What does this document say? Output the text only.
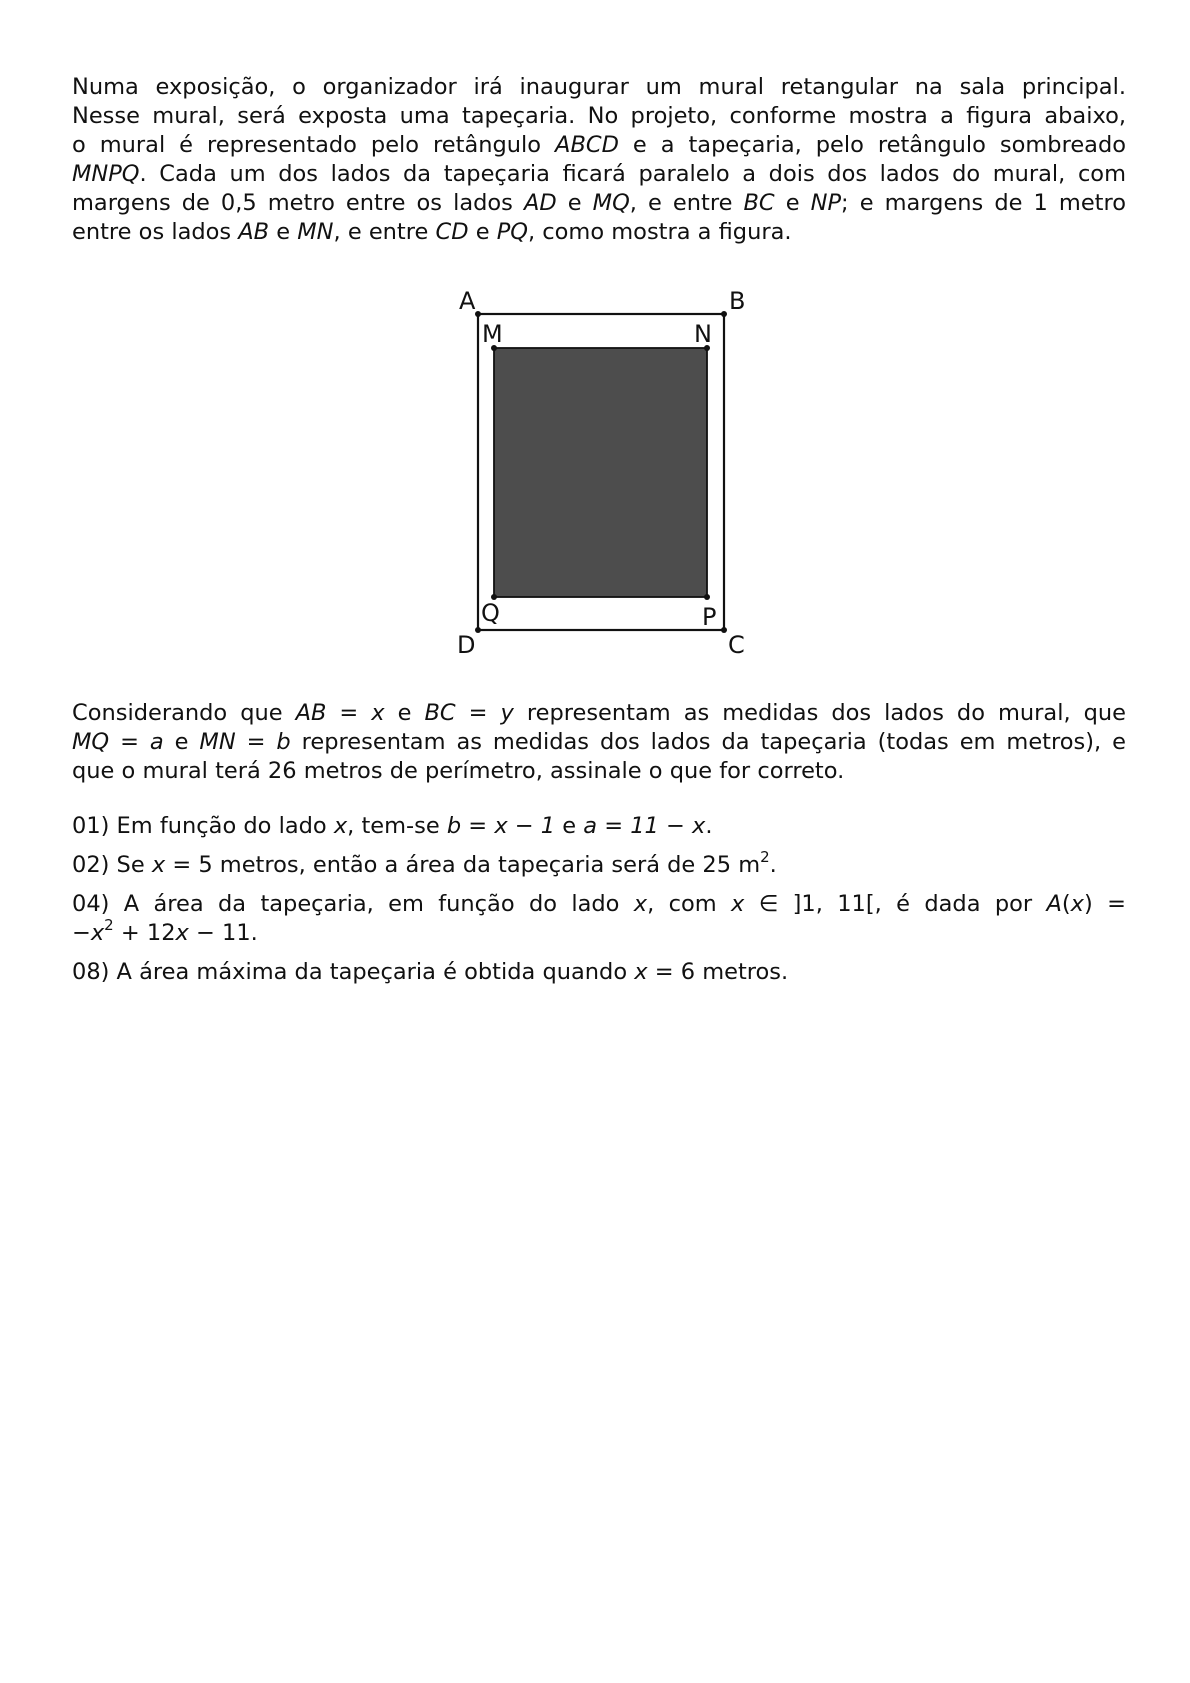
Numa exposição, o organizador irá inaugurar um mural retangular na sala principal.
Nesse mural, será exposta uma tapeçaria. No projeto, conforme mostra a figura abaixo,
o mural é representado pelo retângulo ABCD e a tapeçaria, pelo retângulo sombreado
MNPQ. Cada um dos lados da tapeçaria ficará paralelo a dois dos lados do mural, com
margens de 0,5 metro entre os lados AD e MQ, e entre BC e NP; e margens de 1 metro
entre os lados AB e MN, e entre CD e PQ, como mostra a figura.
A	B
M	N
Q	P
D	C
Considerando que AB = x e BC = y representam as medidas dos lados do mural, que
MQ = a e MN = b representam as medidas dos lados da tapeçaria (todas em metros), e
que o mural terá 26 metros de perímetro, assinale o que for correto.
01) Em função do lado x, tem-se b = x − 1 e a = 11 − x.
02) Se x = 5 metros, então a área da tapeçaria será de 25 $m^2$.
04) A área da tapeçaria, em função do lado x, com x ∈ ]1, 11[, é dada por A(x) =
$-x^2 + 12x - 11$.
08) A área máxima da tapeçaria é obtida quando x = 6 metros.
